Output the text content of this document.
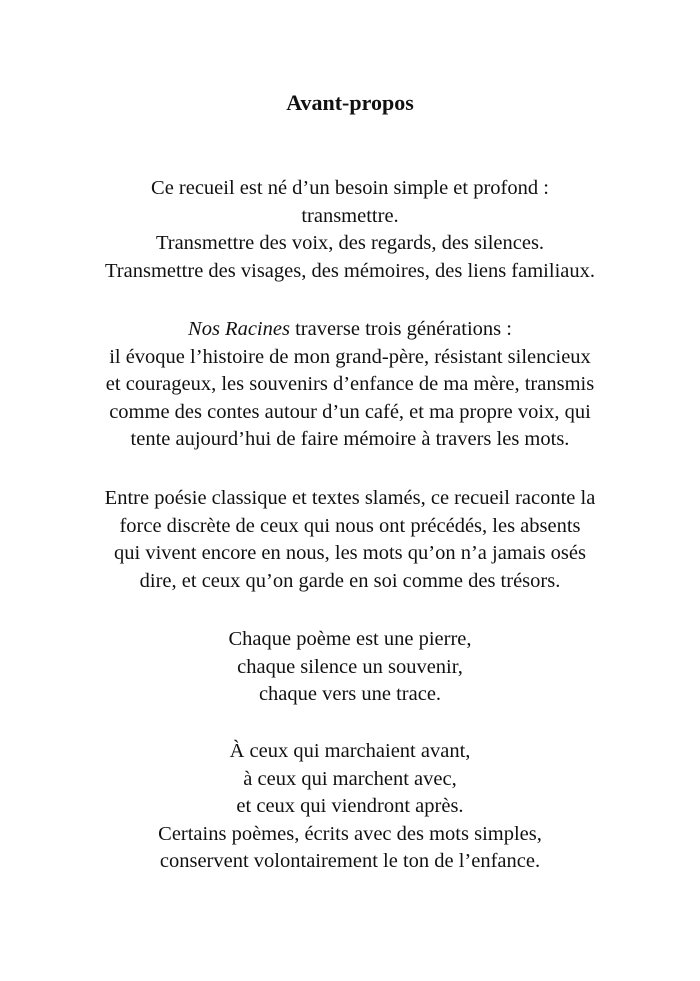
Avant-propos

Ce recueil est né d’un besoin simple et profond :
transmettre.
Transmettre des voix, des regards, des silences.
Transmettre des visages, des mémoires, des liens familiaux.

Nos Racines traverse trois générations :
il évoque l’histoire de mon grand-père, résistant silencieux
et courageux, les souvenirs d’enfance de ma mère, transmis
comme des contes autour d’un café, et ma propre voix, qui
tente aujourd’hui de faire mémoire à travers les mots.

Entre poésie classique et textes slamés, ce recueil raconte la
force discrète de ceux qui nous ont précédés, les absents
qui vivent encore en nous, les mots qu’on n’a jamais osés
dire, et ceux qu’on garde en soi comme des trésors.

Chaque poème est une pierre,
chaque silence un souvenir,
chaque vers une trace.

À ceux qui marchaient avant,
à ceux qui marchent avec,
et ceux qui viendront après.
Certains poèmes, écrits avec des mots simples,
conservent volontairement le ton de l’enfance.
